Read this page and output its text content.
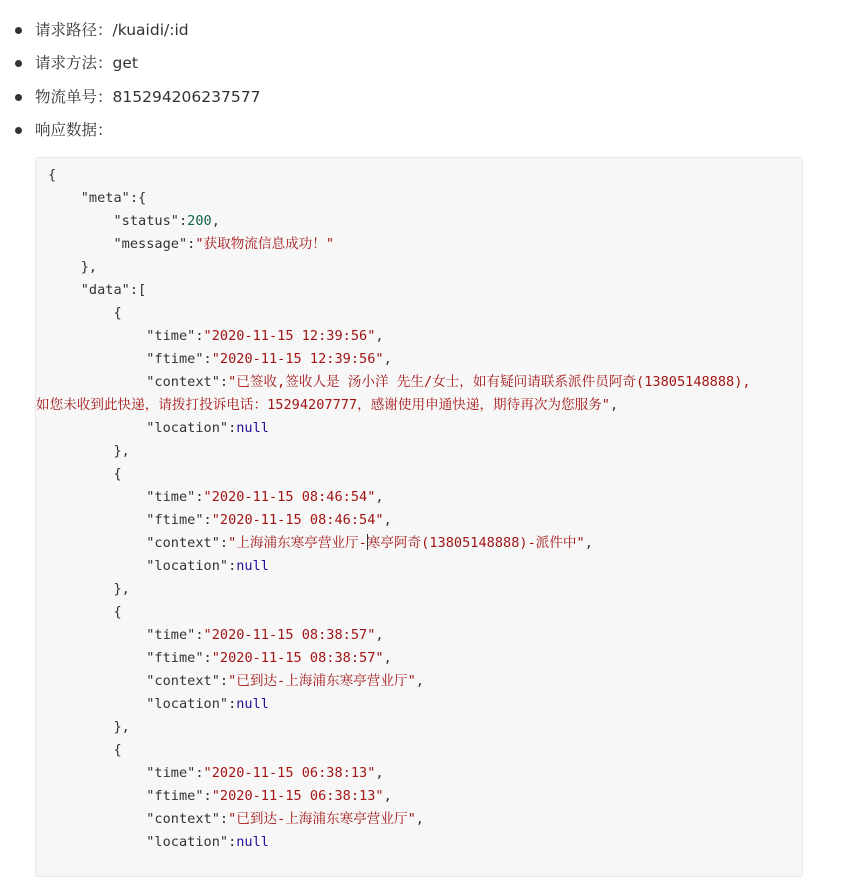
请求路径：/kuaidi/:id
请求方法：get
物流单号：815294206237577
响应数据：
{
"meta":{
"status":200,
"message":"获取物流信息成功！"
},
"data":[
{
"time":"2020-11-15 12:39:56",
"ftime":"2020-11-15 12:39:56",
"context":"已签收,签收人是 汤小洋 先生/女士，如有疑问请联系派件员阿奇(13805148888),
如您未收到此快递，请拨打投诉电话：15294207777，感谢使用申通快递，期待再次为您服务",
"location":null
},
{
"time":"2020-11-15 08:46:54",
"ftime":"2020-11-15 08:46:54",
"context":"上海浦东寒亭营业厅-寒亭阿奇(13805148888)-派件中",
"location":null
},
{
"time":"2020-11-15 08:38:57",
"ftime":"2020-11-15 08:38:57",
"context":"已到达-上海浦东寒亭营业厅",
"location":null
},
{
"time":"2020-11-15 06:38:13",
"ftime":"2020-11-15 06:38:13",
"context":"已到达-上海浦东寒亭营业厅",
"location":null
